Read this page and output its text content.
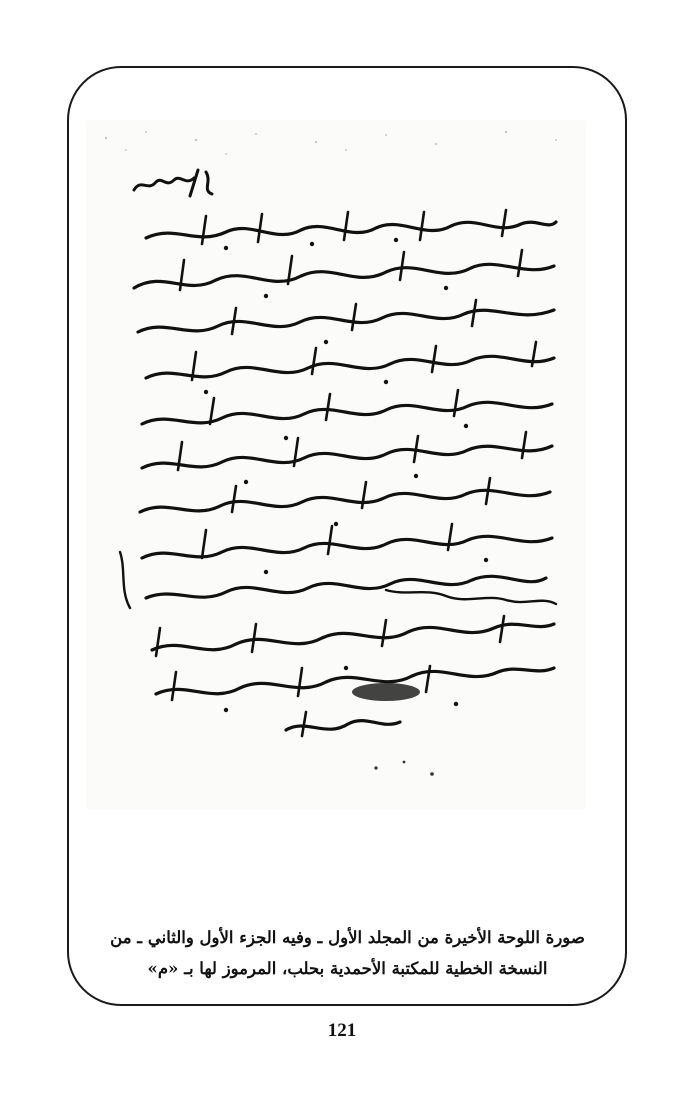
صورة اللوحة الأخيرة من المجلد الأول ـ وفيه الجزء الأول والثاني ـ من
النسخة الخطية للمكتبة الأحمدية بحلب، المرموز لها بـ «م»
121
